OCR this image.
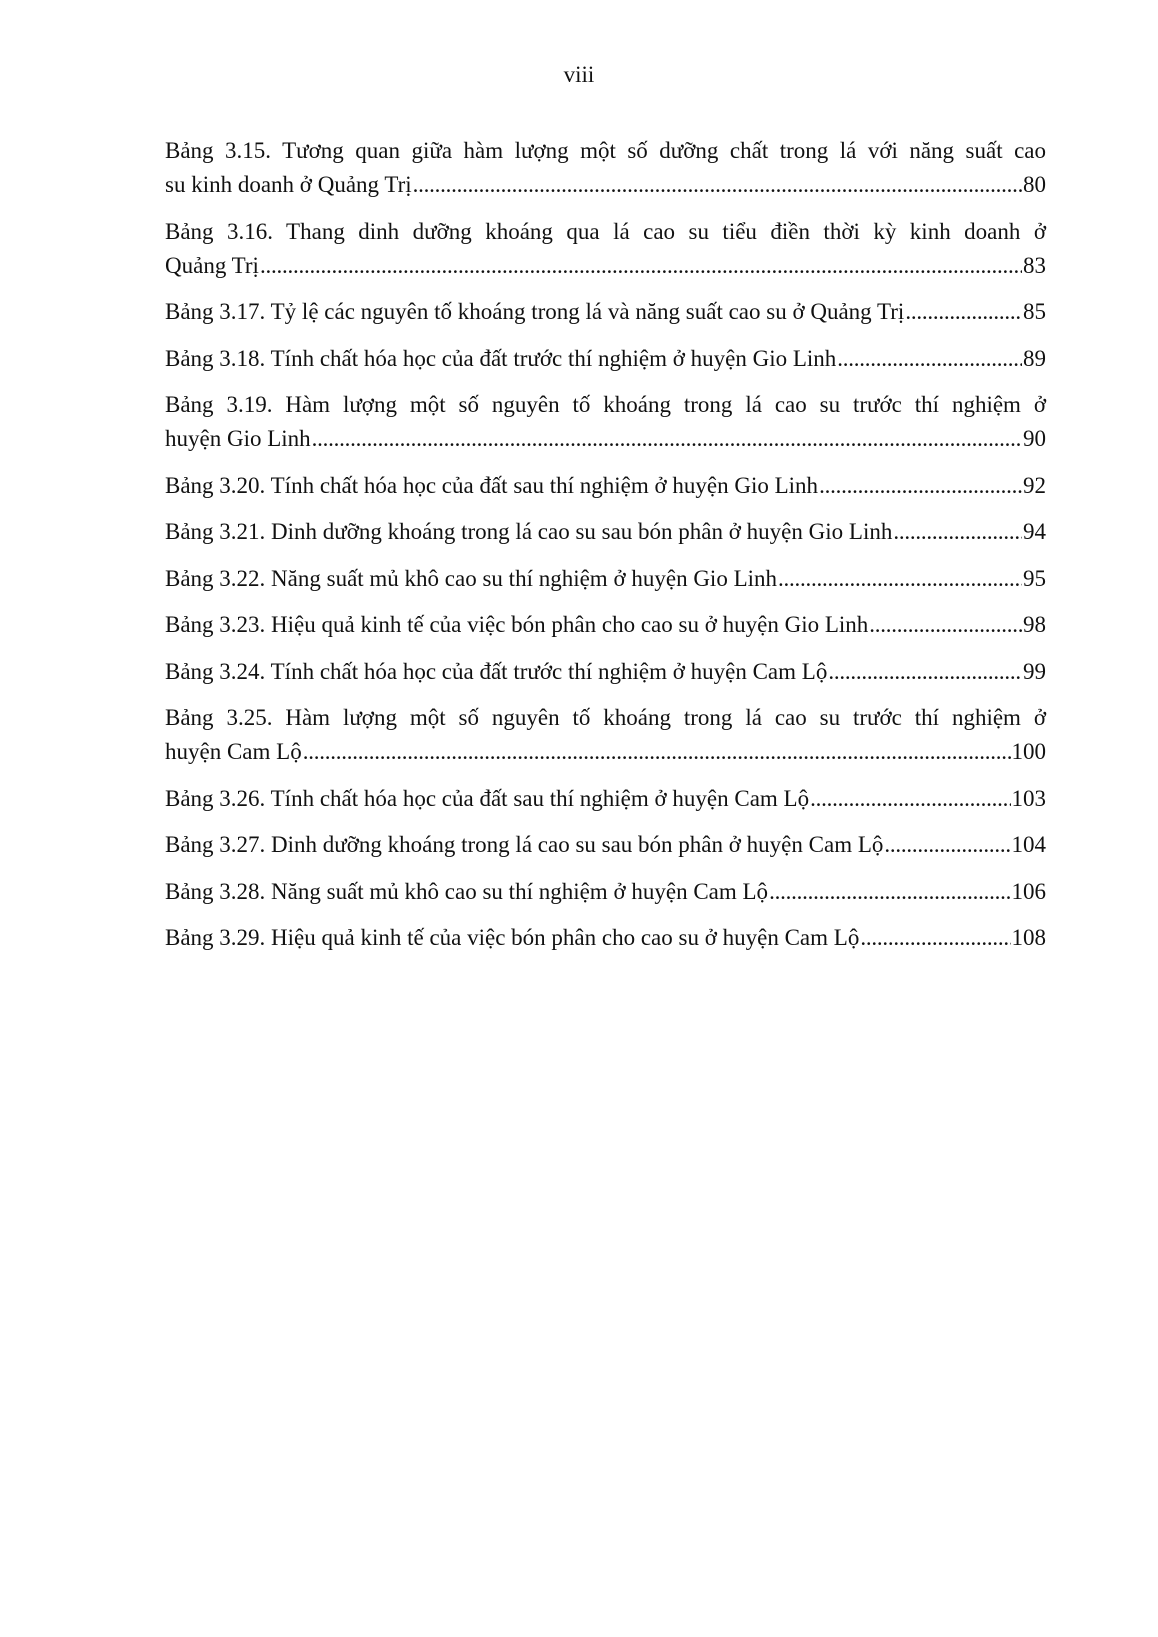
viii
Bảng 3.15. Tương quan giữa hàm lượng một số dưỡng chất trong lá với năng suất cao
su kinh doanh ở Quảng Trị . . .	80
Bảng 3.16. Thang dinh dưỡng khoáng qua lá cao su tiểu điền thời kỳ kinh doanh ở
Quảng Trị . . .	83
Bảng 3.17. Tỷ lệ các nguyên tố khoáng trong lá và năng suất cao su ở Quảng Trị . . .	85
Bảng 3.18. Tính chất hóa học của đất trước thí nghiệm ở huyện Gio Linh . . .	89
Bảng 3.19. Hàm lượng một số nguyên tố khoáng trong lá cao su trước thí nghiệm ở
huyện Gio Linh . . .	90
Bảng 3.20. Tính chất hóa học của đất sau thí nghiệm ở huyện Gio Linh . . .	92
Bảng 3.21. Dinh dưỡng khoáng trong lá cao su sau bón phân ở huyện Gio Linh . . .	94
Bảng 3.22. Năng suất mủ khô cao su thí nghiệm ở huyện Gio Linh . . .	95
Bảng 3.23. Hiệu quả kinh tế của việc bón phân cho cao su ở huyện Gio Linh . . .	98
Bảng 3.24. Tính chất hóa học của đất trước thí nghiệm ở huyện Cam Lộ . . .	99
Bảng 3.25. Hàm lượng một số nguyên tố khoáng trong lá cao su trước thí nghiệm ở
huyện Cam Lộ . . .	100
Bảng 3.26. Tính chất hóa học của đất sau thí nghiệm ở huyện Cam Lộ . . .	103
Bảng 3.27. Dinh dưỡng khoáng trong lá cao su sau bón phân ở huyện Cam Lộ . . .	104
Bảng 3.28. Năng suất mủ khô cao su thí nghiệm ở huyện Cam Lộ . . .	106
Bảng 3.29. Hiệu quả kinh tế của việc bón phân cho cao su ở huyện Cam Lộ . . .	108
